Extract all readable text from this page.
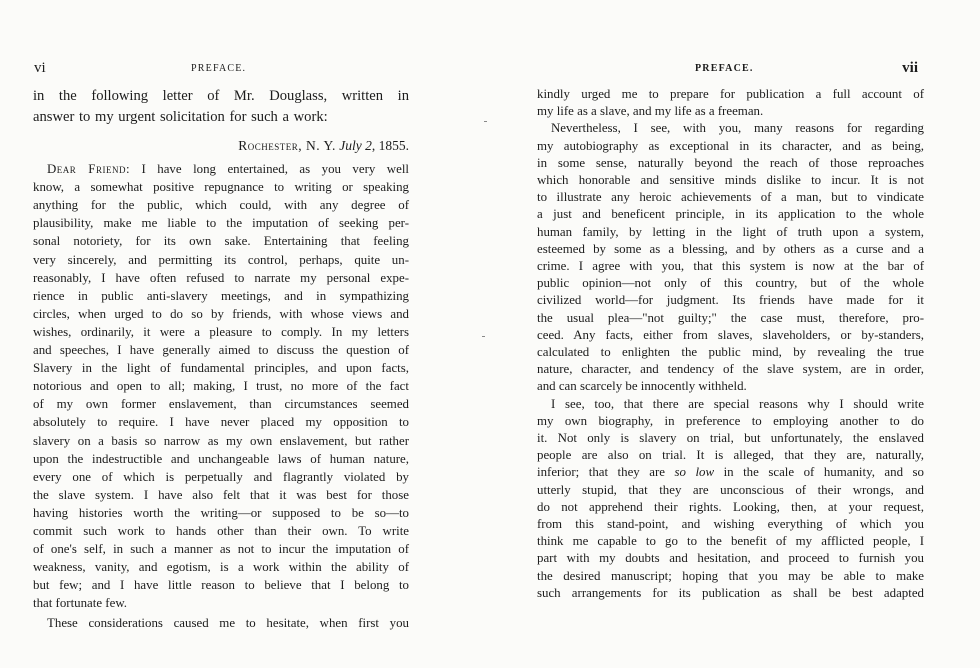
vi	PREFACE.
in the following letter of Mr. Douglass, written in
answer to my urgent solicitation for such a work:
Rochester, N. Y. July 2, 1855.
Dear Friend: I have long entertained, as you very well
know, a somewhat positive repugnance to writing or speaking
anything for the public, which could, with any degree of
plausibility, make me liable to the imputation of seeking per-
sonal notoriety, for its own sake. Entertaining that feeling
very sincerely, and permitting its control, perhaps, quite un-
reasonably, I have often refused to narrate my personal expe-
rience in public anti-slavery meetings, and in sympathizing
circles, when urged to do so by friends, with whose views and
wishes, ordinarily, it were a pleasure to comply. In my letters
and speeches, I have generally aimed to discuss the question of
Slavery in the light of fundamental principles, and upon facts,
notorious and open to all; making, I trust, no more of the fact
of my own former enslavement, than circumstances seemed
absolutely to require. I have never placed my opposition to
slavery on a basis so narrow as my own enslavement, but rather
upon the indestructible and unchangeable laws of human nature,
every one of which is perpetually and flagrantly violated by
the slave system. I have also felt that it was best for those
having histories worth the writing—or supposed to be so—to
commit such work to hands other than their own. To write
of one's self, in such a manner as not to incur the imputation of
weakness, vanity, and egotism, is a work within the ability of
but few; and I have little reason to believe that I belong to
that fortunate few.
These considerations caused me to hesitate, when first you
PREFACE.	vii
kindly urged me to prepare for publication a full account of
my life as a slave, and my life as a freeman.
Nevertheless, I see, with you, many reasons for regarding
my autobiography as exceptional in its character, and as being,
in some sense, naturally beyond the reach of those reproaches
which honorable and sensitive minds dislike to incur. It is not
to illustrate any heroic achievements of a man, but to vindicate
a just and beneficent principle, in its application to the whole
human family, by letting in the light of truth upon a system,
esteemed by some as a blessing, and by others as a curse and a
crime. I agree with you, that this system is now at the bar of
public opinion—not only of this country, but of the whole
civilized world—for judgment. Its friends have made for it
the usual plea—"not guilty;" the case must, therefore, pro-
ceed. Any facts, either from slaves, slaveholders, or by-standers,
calculated to enlighten the public mind, by revealing the true
nature, character, and tendency of the slave system, are in order,
and can scarcely be innocently withheld.
I see, too, that there are special reasons why I should write
my own biography, in preference to employing another to do
it. Not only is slavery on trial, but unfortunately, the enslaved
people are also on trial. It is alleged, that they are, naturally,
inferior; that they are so low in the scale of humanity, and so
utterly stupid, that they are unconscious of their wrongs, and
do not apprehend their rights. Looking, then, at your request,
from this stand-point, and wishing everything of which you
think me capable to go to the benefit of my afflicted people, I
part with my doubts and hesitation, and proceed to furnish you
the desired manuscript; hoping that you may be able to make
such arrangements for its publication as shall be best adapted
